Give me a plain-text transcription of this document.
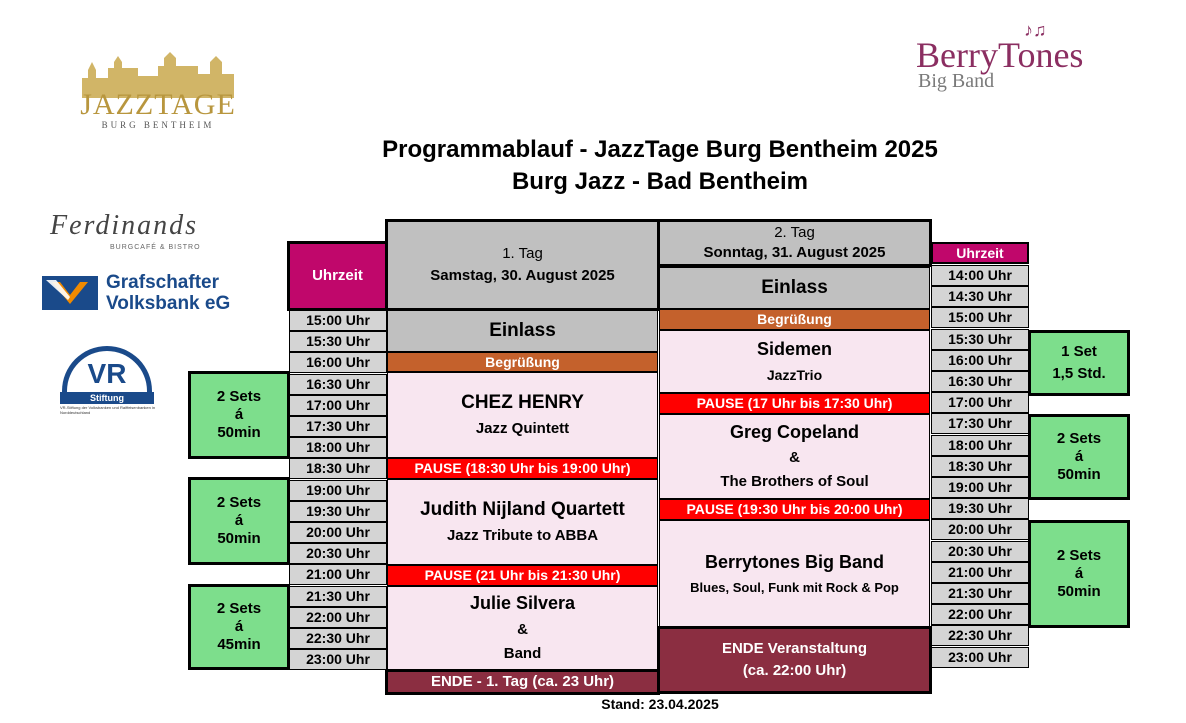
JAZZTAGE
BURG BENTHEIM
♪♫
BerryTones
Big Band
Ferdinands
BURGCAFÉ & BISTRO
Grafschafter
Volksbank eG
VR
Stiftung
VR-Stiftung der Volksbanken und Raiffeisenbanken in Norddeutschland
Programmablauf - JazzTage Burg Bentheim 2025
Burg Jazz - Bad Bentheim
2 Sets
á
50min
2 Sets
á
50min
2 Sets
á
45min
Uhrzeit
15:00 Uhr
15:30 Uhr
16:00 Uhr
16:30 Uhr
17:00 Uhr
17:30 Uhr
18:00 Uhr
18:30 Uhr
19:00 Uhr
19:30 Uhr
20:00 Uhr
20:30 Uhr
21:00 Uhr
21:30 Uhr
22:00 Uhr
22:30 Uhr
23:00 Uhr
1. Tag
Samstag, 30. August 2025
Einlass
Begrüßung
CHEZ HENRY
Jazz Quintett
PAUSE (18:30 Uhr bis 19:00 Uhr)
Judith Nijland Quartett
Jazz Tribute to ABBA
PAUSE (21 Uhr bis 21:30 Uhr)
Julie Silvera
&
Band
ENDE - 1. Tag (ca. 23 Uhr)
2. Tag
Sonntag, 31. August 2025
Einlass
Begrüßung
Sidemen
JazzTrio
PAUSE (17 Uhr bis 17:30 Uhr)
Greg Copeland
&
The Brothers of Soul
PAUSE (19:30 Uhr bis 20:00 Uhr)
Berrytones Big Band
Blues, Soul, Funk mit Rock & Pop
ENDE Veranstaltung
(ca. 22:00 Uhr)
Uhrzeit
14:00 Uhr
14:30 Uhr
15:00 Uhr
15:30 Uhr
16:00 Uhr
16:30 Uhr
17:00 Uhr
17:30 Uhr
18:00 Uhr
18:30 Uhr
19:00 Uhr
19:30 Uhr
20:00 Uhr
20:30 Uhr
21:00 Uhr
21:30 Uhr
22:00 Uhr
22:30 Uhr
23:00 Uhr
1 Set
1,5 Std.
2 Sets
á
50min
2 Sets
á
50min
Stand: 23.04.2025
